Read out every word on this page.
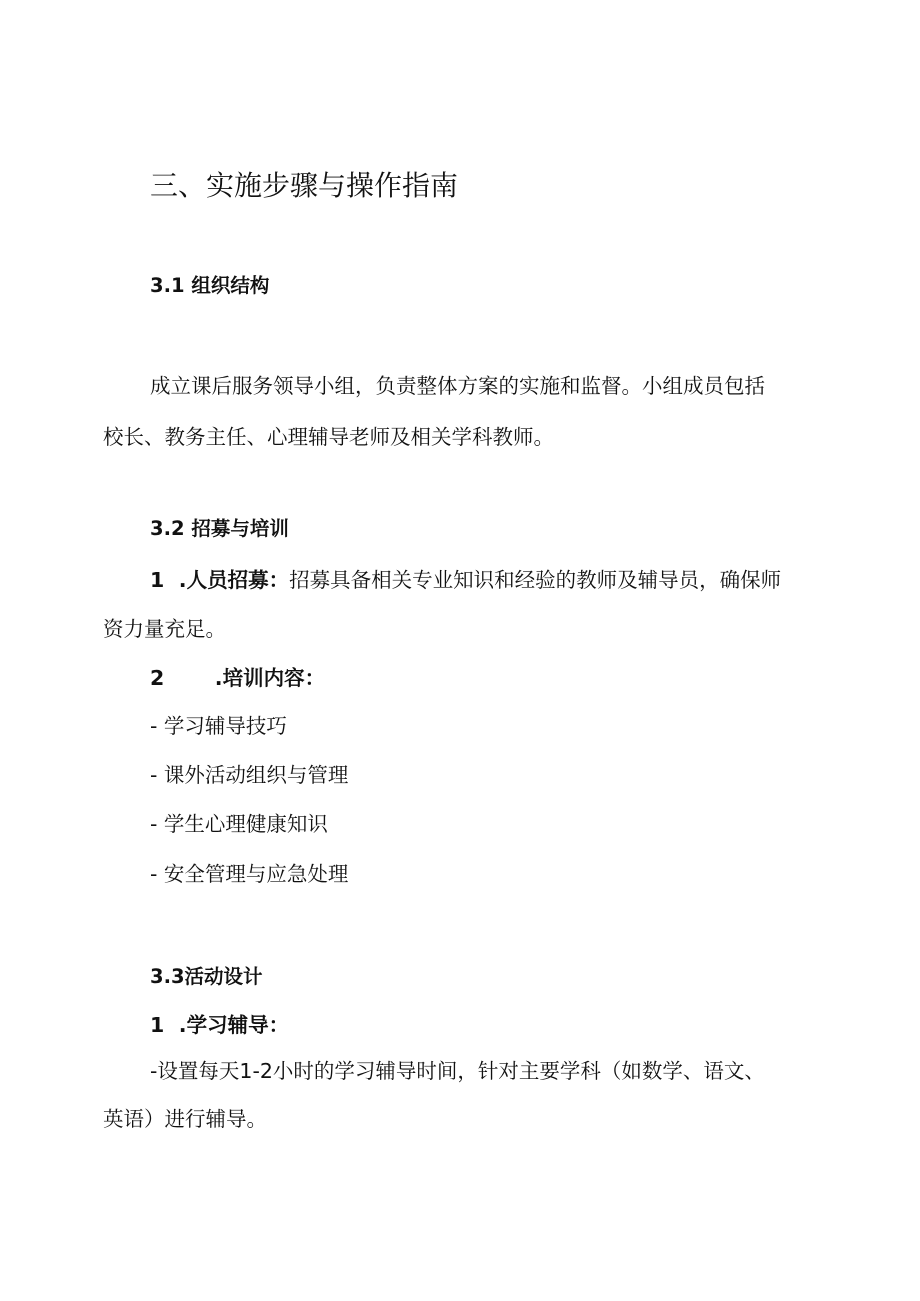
三、实施步骤与操作指南
3.1 组织结构
成立课后服务领导小组，负责整体方案的实施和监督。小组成员包括
校长、教务主任、心理辅导老师及相关学科教师。
3.2 招募与培训
1 .人员招募：招募具备相关专业知识和经验的教师及辅导员，确保师
资力量充足。
2 .培训内容：
- 学习辅导技巧
- 课外活动组织与管理
- 学生心理健康知识
- 安全管理与应急处理
3.3活动设计
1 .学习辅导：
-设置每天1-2小时的学习辅导时间，针对主要学科（如数学、语文、
英语）进行辅导。
